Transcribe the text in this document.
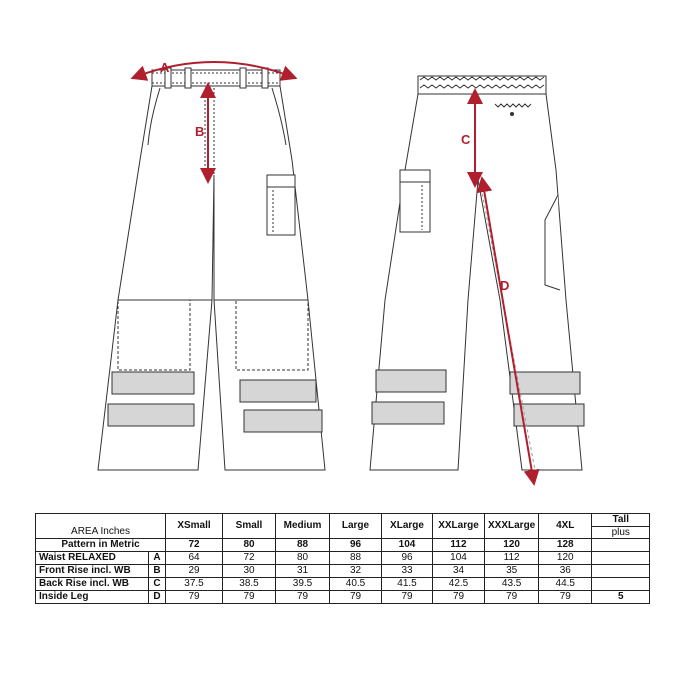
A
B
C
D
AREA Inches		XSmall	Small	Medium	Large	XLarge	XXLarge	XXXLarge	4XL	Tall
plus

Pattern in Metric		72	80	88	96	104	112	120	128	
Waist RELAXED	A	64	72	80	88	96	104	112	120	
Front Rise incl. WB	B	29	30	31	32	33	34	35	36	
Back Rise incl. WB	C	37.5	38.5	39.5	40.5	41.5	42.5	43.5	44.5	
Inside Leg	D	79	79	79	79	79	79	79	79	5
